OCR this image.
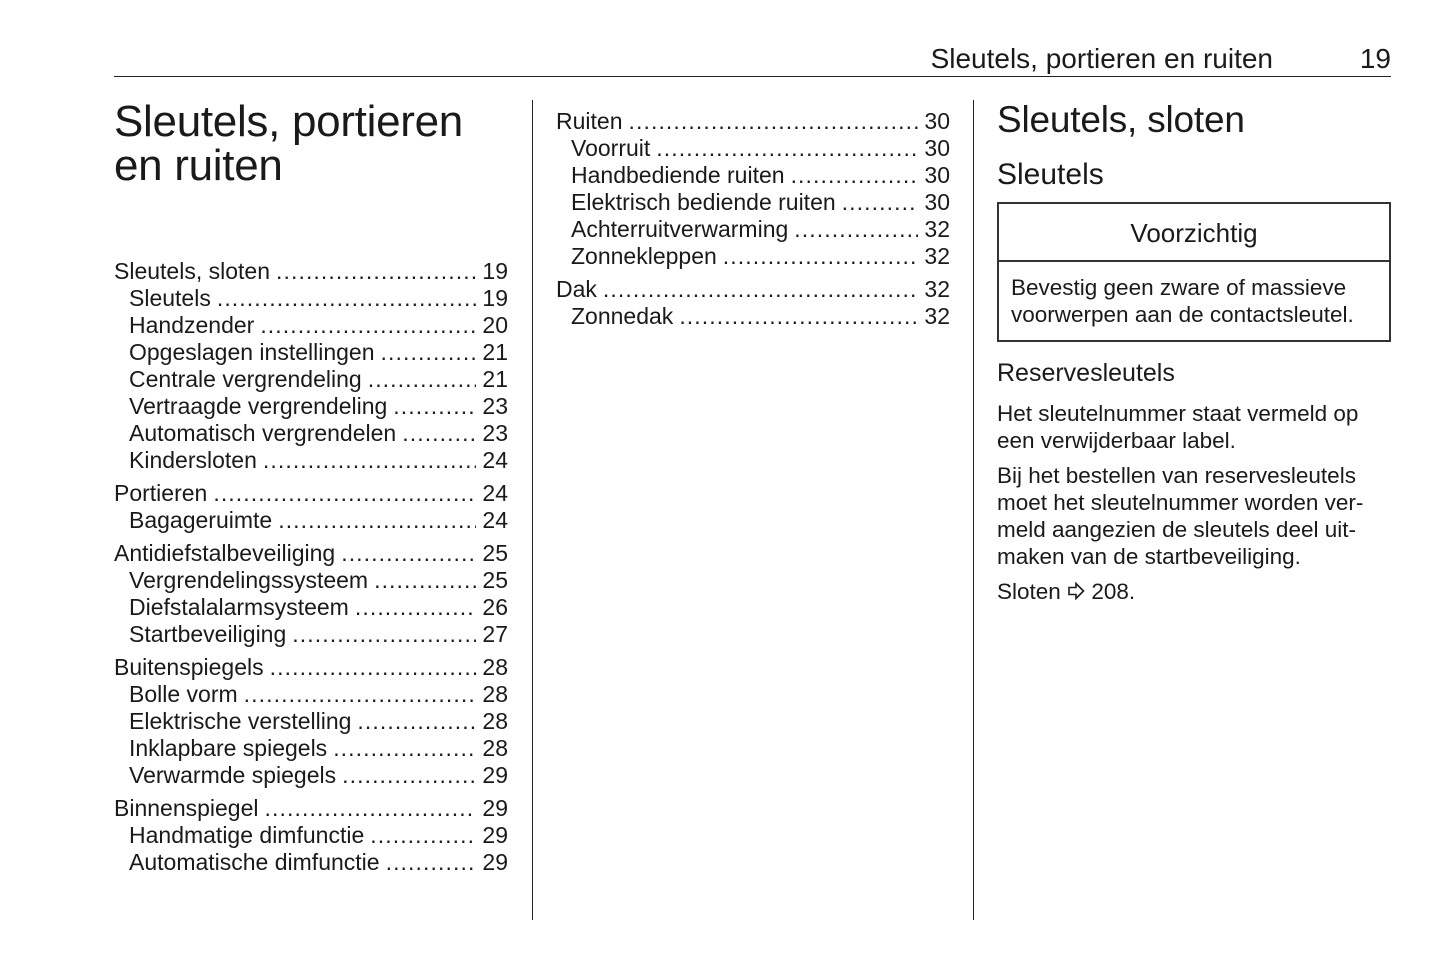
Sleutels, portieren en ruiten	19
Sleutels, portieren
en ruiten
Sleutels, sloten .....	19
Sleutels .....	19
Handzender .....	20
Opgeslagen instellingen .....	21
Centrale vergrendeling .....	21
Vertraagde vergrendeling .....	23
Automatisch vergrendelen .....	23
Kindersloten .....	24
Portieren .....	24
Bagageruimte .....	24
Antidiefstalbeveiliging .....	25
Vergrendelingssysteem .....	25
Diefstalalarmsysteem .....	26
Startbeveiliging .....	27
Buitenspiegels .....	28
Bolle vorm .....	28
Elektrische verstelling .....	28
Inklapbare spiegels .....	28
Verwarmde spiegels .....	29
Binnenspiegel .....	29
Handmatige dimfunctie .....	29
Automatische dimfunctie .....	29
Ruiten .....	30
Voorruit .....	30
Handbediende ruiten .....	30
Elektrisch bediende ruiten .....	30
Achterruitverwarming .....	32
Zonnekleppen .....	32
Dak .....	32
Zonnedak .....	32
Sleutels, sloten
Sleutels
Voorzichtig
Bevestig geen zware of massieve voorwerpen aan de contactsleutel.
Reservesleutels
Het sleutelnummer staat vermeld op een verwijderbaar label.
Bij het bestellen van reservesleutels moet het sleutelnummer worden ver-meld aangezien de sleutels deel uit-maken van de startbeveiliging.
Sloten 208.
